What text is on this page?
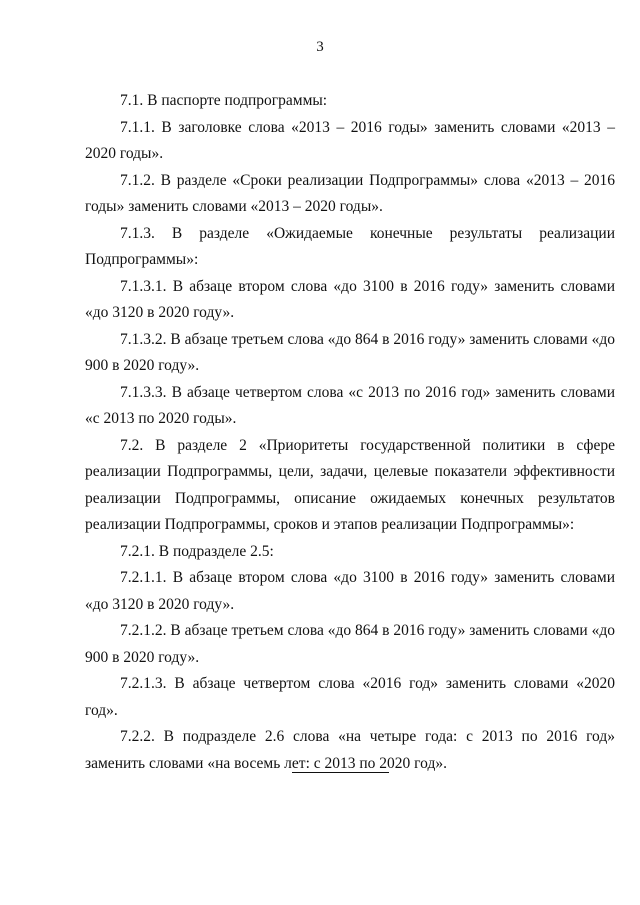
3

7.1. В паспорте подпрограммы:

7.1.1. В заголовке слова «2013 – 2016 годы» заменить словами «2013 – 2020 годы».

7.1.2. В разделе «Сроки реализации Подпрограммы» слова «2013 – 2016 годы» заменить словами «2013 – 2020 годы».

7.1.3. В разделе «Ожидаемые конечные результаты реализации Подпрограммы»:

7.1.3.1. В абзаце втором слова «до 3100 в 2016 году» заменить словами «до 3120 в 2020 году».

7.1.3.2. В абзаце третьем слова «до 864 в 2016 году» заменить словами «до 900 в 2020 году».

7.1.3.3. В абзаце четвертом слова «с 2013 по 2016 год» заменить словами «с 2013 по 2020 годы».

7.2. В разделе 2 «Приоритеты государственной политики в сфере реализации Подпрограммы, цели, задачи, целевые показатели эффективности реализации Подпрограммы, описание ожидаемых конечных результатов реализации Подпрограммы, сроков и этапов реализации Подпрограммы»:

7.2.1. В подразделе 2.5:

7.2.1.1. В абзаце втором слова «до 3100 в 2016 году» заменить словами «до 3120 в 2020 году».

7.2.1.2. В абзаце третьем слова «до 864 в 2016 году» заменить словами «до 900 в 2020 году».

7.2.1.3. В абзаце четвертом слова «2016 год» заменить словами «2020 год».

7.2.2. В подразделе 2.6 слова «на четыре года: с 2013 по 2016 год» заменить словами «на восемь лет: с 2013 по 2020 год».
